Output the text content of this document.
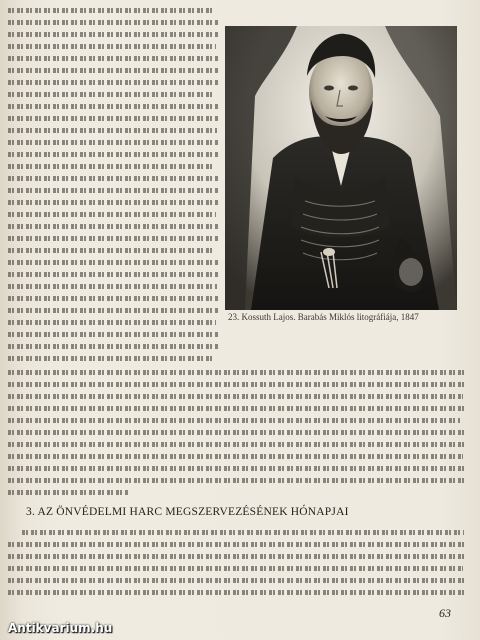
23. Kossuth Lajos. Barabás Miklós litográfiája, 1847
3. AZ ÖNVÉDELMI HARC MEGSZERVEZÉSÉNEK HÓNAPJAI
63
Antikvarium.hu
